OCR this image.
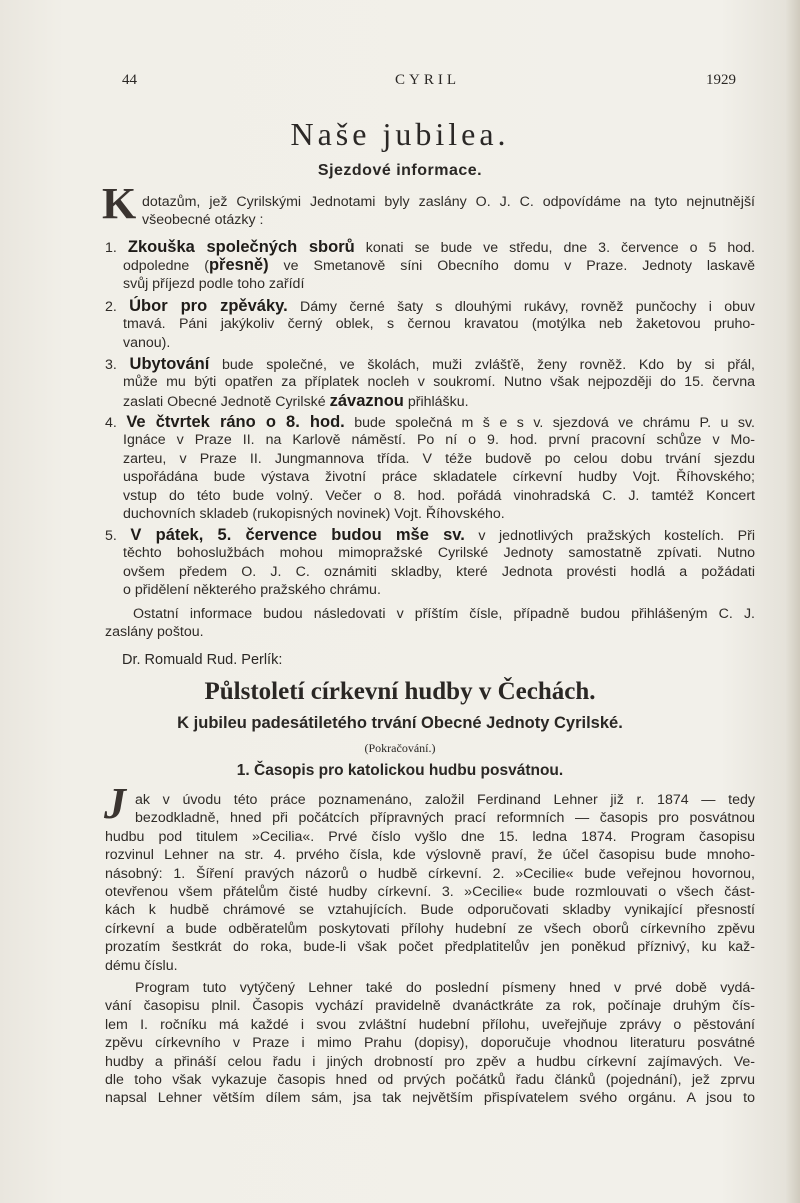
44	CYRIL	1929
Naše jubilea.
Sjezdové informace.
K dotazům, jež Cyrilskými Jednotami byly zaslány O. J. C. odpovídáme na tyto nejnutnější
všeobecné otázky :
1. Zkouška společných sborů konati se bude ve středu, dne 3. července o 5 hod.
odpoledne (přesně) ve Smetanově síni Obecního domu v Praze. Jednoty laskavě
svůj příjezd podle toho zařídí
2. Úbor pro zpěváky. Dámy černé šaty s dlouhými rukávy, rovněž punčochy i obuv
tmavá. Páni jakýkoliv černý oblek, s černou kravatou (motýlka neb žaketovou pruho-
vanou).
3. Ubytování bude společné, ve školách, muži zvlášťě, ženy rovněž. Kdo by si přál,
může mu býti opatřen za příplatek nocleh v soukromí. Nutno však nejpozději do 15. června
zaslati Obecné Jednotě Cyrilské závaznou přihlášku.
4. Ve čtvrtek ráno o 8. hod. bude společná m š e s v. sjezdová ve chrámu P. u sv.
Ignáce v Praze II. na Karlově náměstí. Po ní o 9. hod. první pracovní schůze v Mo-
zarteu, v Praze II. Jungmannova třída. V téže budově po celou dobu trvání sjezdu
uspořádána bude výstava životní práce skladatele církevní hudby Vojt. Říhovského;
vstup do této bude volný. Večer o 8. hod. pořádá vinohradská C. J. tamtéž Koncert
duchovních skladeb (rukopisných novinek) Vojt. Říhovského.
5. V pátek, 5. července budou mše sv. v jednotlivých pražských kostelích. Při
těchto bohoslužbách mohou mimopražské Cyrilské Jednoty samostatně zpívati. Nutno
ovšem předem O. J. C. oznámiti skladby, které Jednota provésti hodlá a požádati
o přidělení některého pražského chrámu.
Ostatní informace budou následovati v příštím čísle, případně budou přihlášeným C. J.
zaslány poštou.
Dr. Romuald Rud. Perlík:
Půlstoletí církevní hudby v Čechách.
K jubileu padesátiletého trvání Obecné Jednoty Cyrilské.
(Pokračování.)
1. Časopis pro katolickou hudbu posvátnou.
J ak v úvodu této práce poznamenáno, založil Ferdinand Lehner již r. 1874 — tedy
bezodkladně, hned při počátcích přípravných prací reformních — časopis pro posvátnou
hudbu pod titulem »Cecilia«. Prvé číslo vyšlo dne 15. ledna 1874. Program časopisu
rozvinul Lehner na str. 4. prvého čísla, kde výslovně praví, že účel časopisu bude mnoho-
násobný: 1. Šíření pravých názorů o hudbě církevní. 2. »Cecilie« bude veřejnou hovornou,
otevřenou všem přátelům čisté hudby církevní. 3. »Cecilie« bude rozmlouvati o všech část-
kách k hudbě chrámové se vztahujících. Bude odporučovati skladby vynikající přesností
církevní a bude odběratelům poskytovati přílohy hudební ze všech oborů církevního zpěvu
prozatím šestkrát do roka, bude-li však počet předplatitelův jen poněkud příznivý, ku kaž-
dému číslu.
Program tuto vytýčený Lehner také do poslední písmeny hned v prvé době vydá-
vání časopisu plnil. Časopis vychází pravidelně dvanáctkráte za rok, počínaje druhým čís-
lem I. ročníku má každé i svou zvláštní hudební přílohu, uveřejňuje zprávy o pěstování
zpěvu církevního v Praze i mimo Prahu (dopisy), doporučuje vhodnou literaturu posvátné
hudby a přináší celou řadu i jiných drobností pro zpěv a hudbu církevní zajímavých. Ve-
dle toho však vykazuje časopis hned od prvých počátků řadu článků (pojednání), jež zprvu
napsal Lehner větším dílem sám, jsa tak největším přispívatelem svého orgánu. A jsou to
